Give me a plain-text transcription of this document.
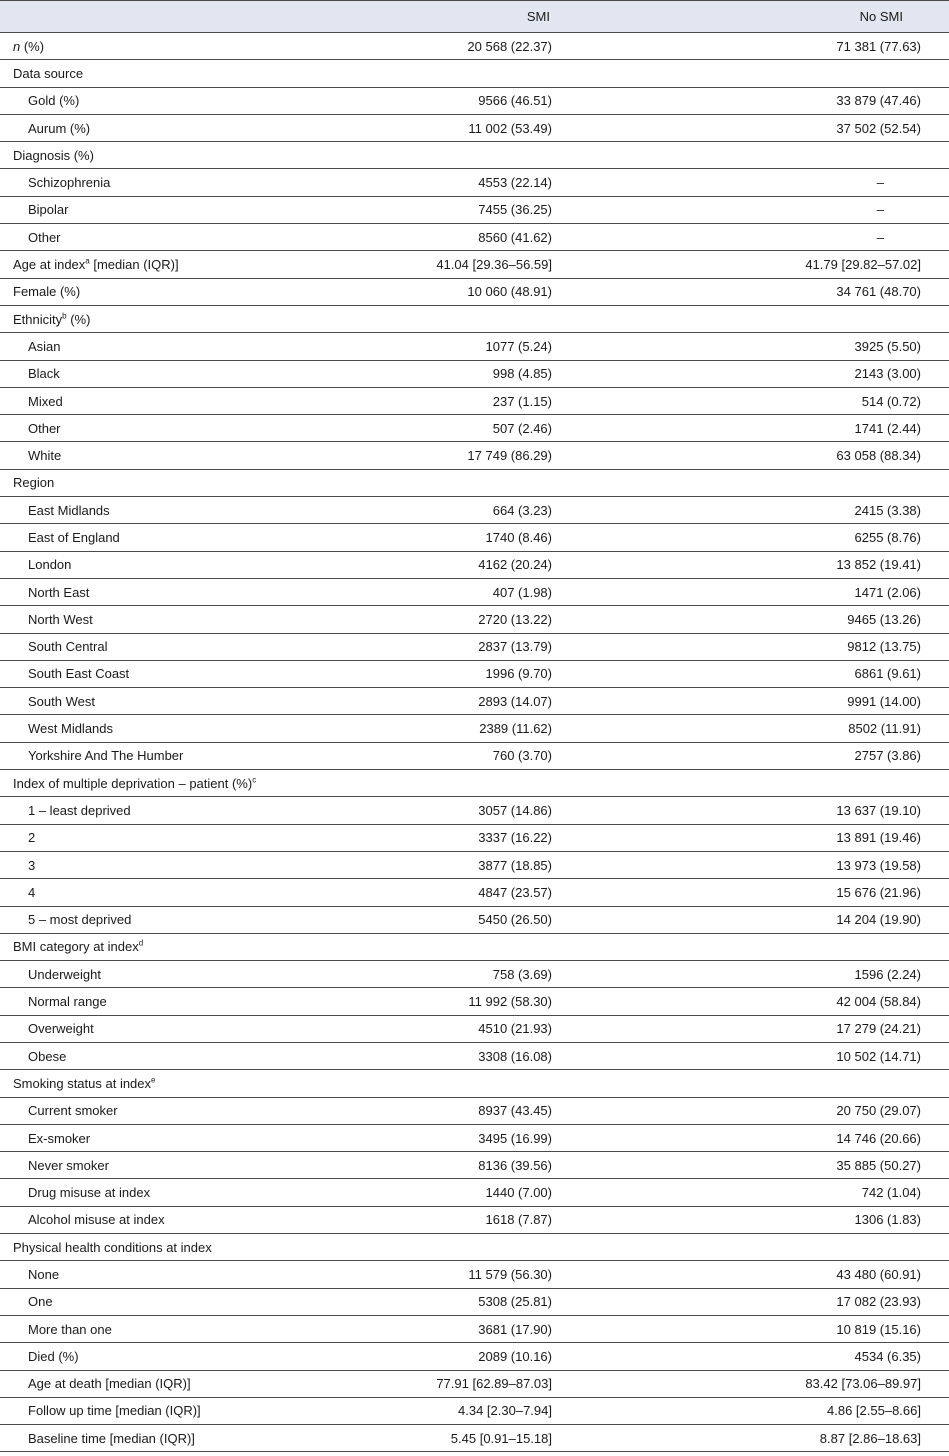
	SMI	No SMI
n (%)	20 568 (22.37)	71 381 (77.63)
Data source		
Gold (%)	9566 (46.51)	33 879 (47.46)
Aurum (%)	11 002 (53.49)	37 502 (52.54)
Diagnosis (%)		
Schizophrenia	4553 (22.14)	–
Bipolar	7455 (36.25)	–
Other	8560 (41.62)	–
Age at index$^a$ [median (IQR)]	41.04 [29.36–56.59]	41.79 [29.82–57.02]
Female (%)	10 060 (48.91)	34 761 (48.70)
Ethnicity$^b$ (%)		
Asian	1077 (5.24)	3925 (5.50)
Black	998 (4.85)	2143 (3.00)
Mixed	237 (1.15)	514 (0.72)
Other	507 (2.46)	1741 (2.44)
White	17 749 (86.29)	63 058 (88.34)
Region		
East Midlands	664 (3.23)	2415 (3.38)
East of England	1740 (8.46)	6255 (8.76)
London	4162 (20.24)	13 852 (19.41)
North East	407 (1.98)	1471 (2.06)
North West	2720 (13.22)	9465 (13.26)
South Central	2837 (13.79)	9812 (13.75)
South East Coast	1996 (9.70)	6861 (9.61)
South West	2893 (14.07)	9991 (14.00)
West Midlands	2389 (11.62)	8502 (11.91)
Yorkshire And The Humber	760 (3.70)	2757 (3.86)
Index of multiple deprivation – patient (%)$^c$		
1 – least deprived	3057 (14.86)	13 637 (19.10)
2	3337 (16.22)	13 891 (19.46)
3	3877 (18.85)	13 973 (19.58)
4	4847 (23.57)	15 676 (21.96)
5 – most deprived	5450 (26.50)	14 204 (19.90)
BMI category at index$^d$		
Underweight	758 (3.69)	1596 (2.24)
Normal range	11 992 (58.30)	42 004 (58.84)
Overweight	4510 (21.93)	17 279 (24.21)
Obese	3308 (16.08)	10 502 (14.71)
Smoking status at index$^e$		
Current smoker	8937 (43.45)	20 750 (29.07)
Ex-smoker	3495 (16.99)	14 746 (20.66)
Never smoker	8136 (39.56)	35 885 (50.27)
Drug misuse at index	1440 (7.00)	742 (1.04)
Alcohol misuse at index	1618 (7.87)	1306 (1.83)
Physical health conditions at index		
None	11 579 (56.30)	43 480 (60.91)
One	5308 (25.81)	17 082 (23.93)
More than one	3681 (17.90)	10 819 (15.16)
Died (%)	2089 (10.16)	4534 (6.35)
Age at death [median (IQR)]	77.91 [62.89–87.03]	83.42 [73.06–89.97]
Follow up time [median (IQR)]	4.34 [2.30–7.94]	4.86 [2.55–8.66]
Baseline time [median (IQR)]	5.45 [0.91–15.18]	8.87 [2.86–18.63]
